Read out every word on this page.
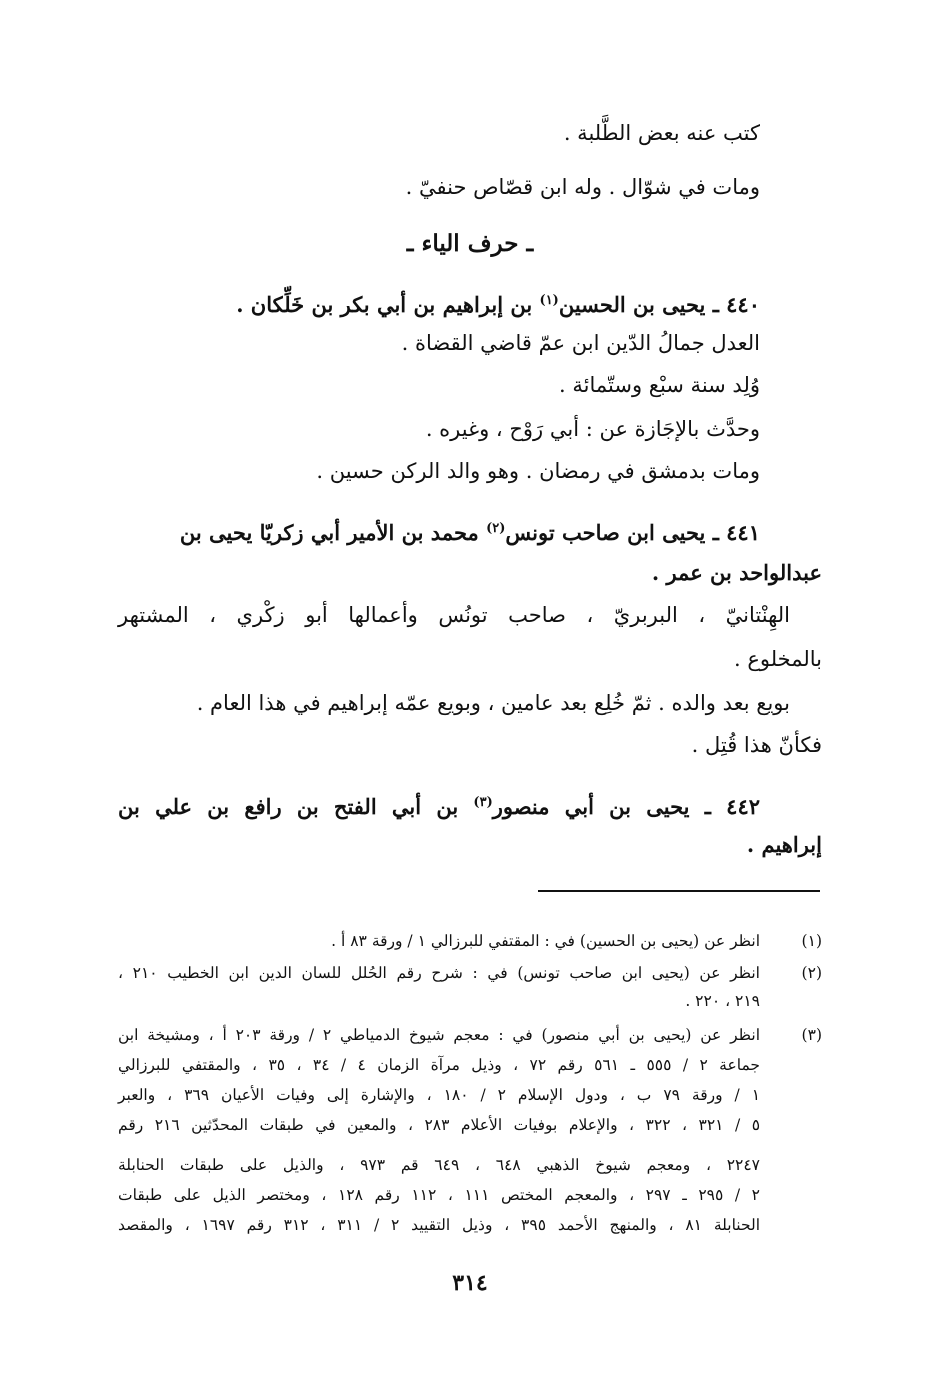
كتب عنه بعض الطَّلبة .
ومات في شوّال . وله ابن قصّاص حنفيّ .
ـ حرف الياء ـ
٤٤٠ ـ يحيى بن الحسين$^{(١)}$ بن إبراهيم بن أبي بكر بن خَلِّكان .
العدل جمالُ الدّين ابن عمّ قاضي القضاة .
وُلِد سنة سبْع وستّمائة .
وحدَّث بالإجَازة عن : أبي رَوْح ، وغيره .
ومات بدمشق في رمضان . وهو والد الركن حسين .
٤٤١ ـ يحيى ابن صاحب تونس$^{(٢)}$ محمد بن الأمير أبي زكريّا يحيى بن
عبدالواحد بن عمر .
الهِنْتانيّ ، البربريّ ، صاحب تونُس وأعمالها أبو زكْري ، المشتهر
بالمخلوع .
بويع بعد والده . ثمّ خُلِع بعد عامين ، وبويع عمّه إبراهيم في هذا العام .
فكأنّ هذا قُتِل .
٤٤٢ ـ يحيى بن أبي منصور$^{(٣)}$ بن أبي الفتح بن رافع بن علي بن
إبراهيم .
(١)
انظر عن (يحيى بن الحسين) في : المقتفي للبرزالي ١ / ورقة ٨٣ أ .
(٢)
انظر عن (يحيى ابن صاحب تونس) في : شرح رقم الحُلل للسان الدين ابن الخطيب ٢١٠ ،
٢١٩ ، ٢٢٠ .
(٣)
انظر عن (يحيى بن أبي منصور) في : معجم شيوخ الدمياطي ٢ / ورقة ٢٠٣ أ ، ومشيخة ابن
جماعة ٢ / ٥٥٥ ـ ٥٦١ رقم ٧٢ ، وذيل مرآة الزمان ٤ / ٣٤ ، ٣٥ ، والمقتفي للبرزالي
١ / ورقة ٧٩ ب ، ودول الإسلام ٢ / ١٨٠ ، والإشارة إلى وفيات الأعيان ٣٦٩ ، والعبر
٥ / ٣٢١ ، ٣٢٢ ، والإعلام بوفيات الأعلام ٢٨٣ ، والمعين في طبقات المحدّثين ٢١٦ رقم
٢٢٤٧ ، ومعجم شيوخ الذهبي ٦٤٨ ، ٦٤٩ قم ٩٧٣ ، والذيل على طبقات الحنابلة
٢ / ٢٩٥ ـ ٢٩٧ ، والمعجم المختص ١١١ ، ١١٢ رقم ١٢٨ ، ومختصر الذيل على طبقات
الحنابلة ٨١ ، والمنهج الأحمد ٣٩٥ ، وذيل التقييد ٢ / ٣١١ ، ٣١٢ رقم ١٦٩٧ ، والمقصد
٣١٤
